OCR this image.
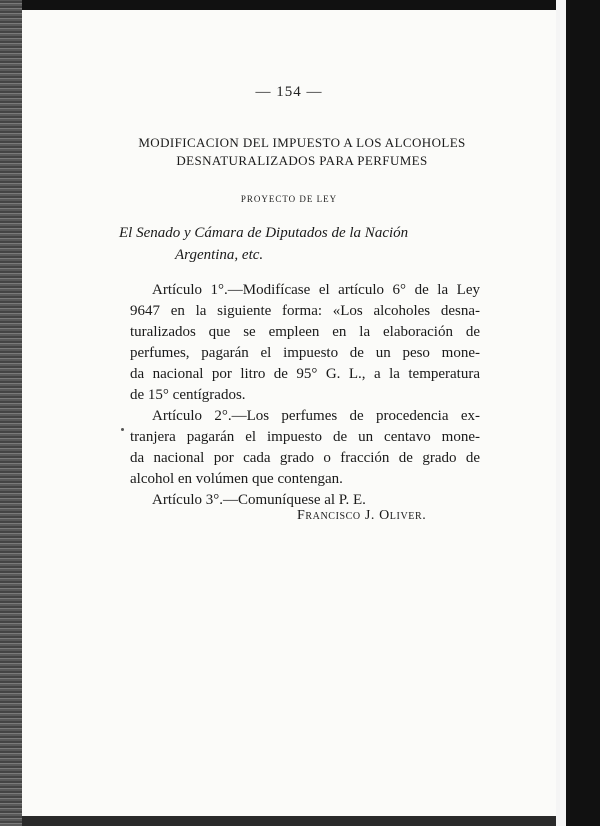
— 154 —
MODIFICACION DEL IMPUESTO A LOS ALCOHOLES
DESNATURALIZADOS PARA PERFUMES
PROYECTO DE LEY
El Senado y Cámara de Diputados de la Nación
Argentina, etc.
Artículo 1°.—Modifícase el artículo 6° de la Ley
9647 en la siguiente forma: «Los alcoholes desna-
turalizados que se empleen en la elaboración de
perfumes, pagarán el impuesto de un peso mone-
da nacional por litro de 95° G. L., a la temperatura
de 15° centígrados.
Artículo 2°.—Los perfumes de procedencia ex-
tranjera pagarán el impuesto de un centavo mone-
da nacional por cada grado o fracción de grado de
alcohol en volúmen que contengan.
Artículo 3°.—Comuníquese al P. E.
Francisco J. Oliver.
